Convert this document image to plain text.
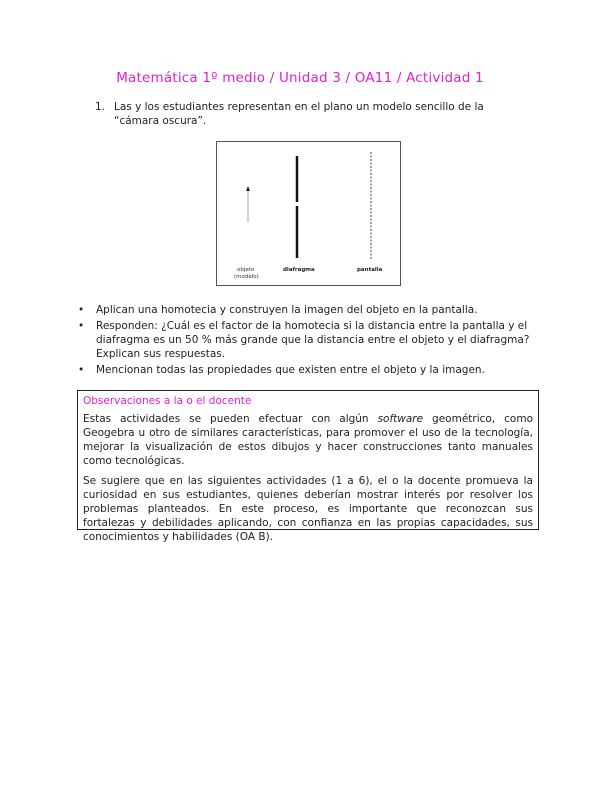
Matemática 1º medio / Unidad 3 / OA11 / Actividad 1
1. Las y los estudiantes representan en el plano un modelo sencillo de la “cámara oscura”.
objeto
(modelo)
diafragma	pantalla
• Aplican una homotecia y construyen la imagen del objeto en la pantalla.
• Responden: ¿Cuál es el factor de la homotecia si la distancia entre la pantalla y el diafragma es un 50 % más grande que la distancia entre el objeto y el diafragma? Explican sus respuestas.
• Mencionan todas las propiedades que existen entre el objeto y la imagen.
Observaciones a la o el docente

Estas actividades se pueden efectuar con algún software geométrico, como Geogebra u otro de similares características, para promover el uso de la tecnología, mejorar la visualización de estos dibujos y hacer construcciones tanto manuales como tecnológicas.

Se sugiere que en las siguientes actividades (1 a 6), el o la docente promueva la curiosidad en sus estudiantes, quienes deberían mostrar interés por resolver los problemas planteados. En este proceso, es importante que reconozcan sus fortalezas y debilidades aplicando, con confianza en las propias capacidades, sus conocimientos y habilidades (OA B).
